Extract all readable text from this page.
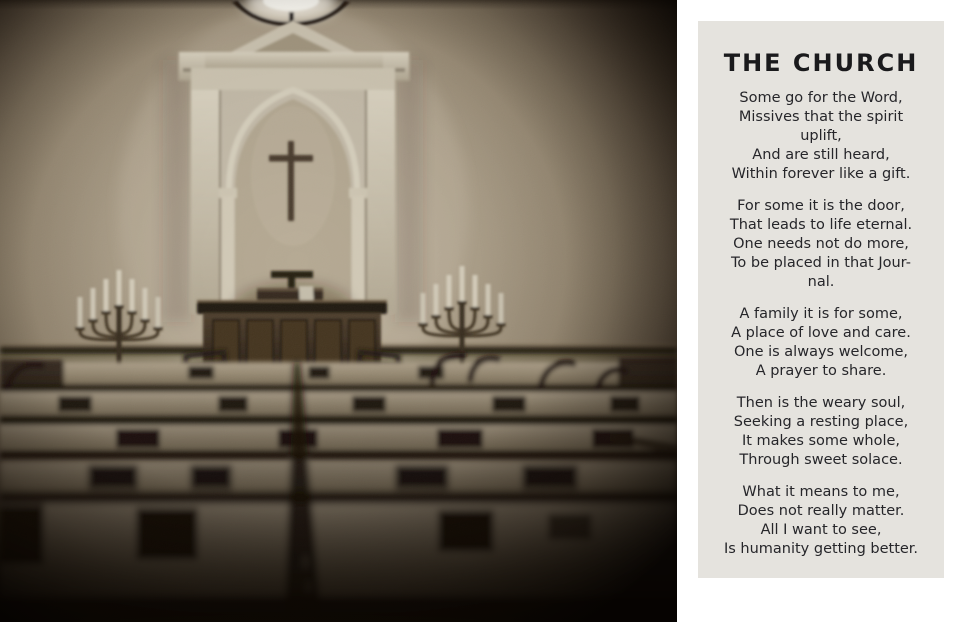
THE CHURCH
Some go for the Word,
Missives that the spirit
uplift,
And are still heard,
Within forever like a gift.
For some it is the door,
That leads to life eternal.
One needs not do more,
To be placed in that Jour-
nal.
A family it is for some,
A place of love and care.
One is always welcome,
A prayer to share.
Then is the weary soul,
Seeking a resting place,
It makes some whole,
Through sweet solace.
What it means to me,
Does not really matter.
All I want to see,
Is humanity getting better.
